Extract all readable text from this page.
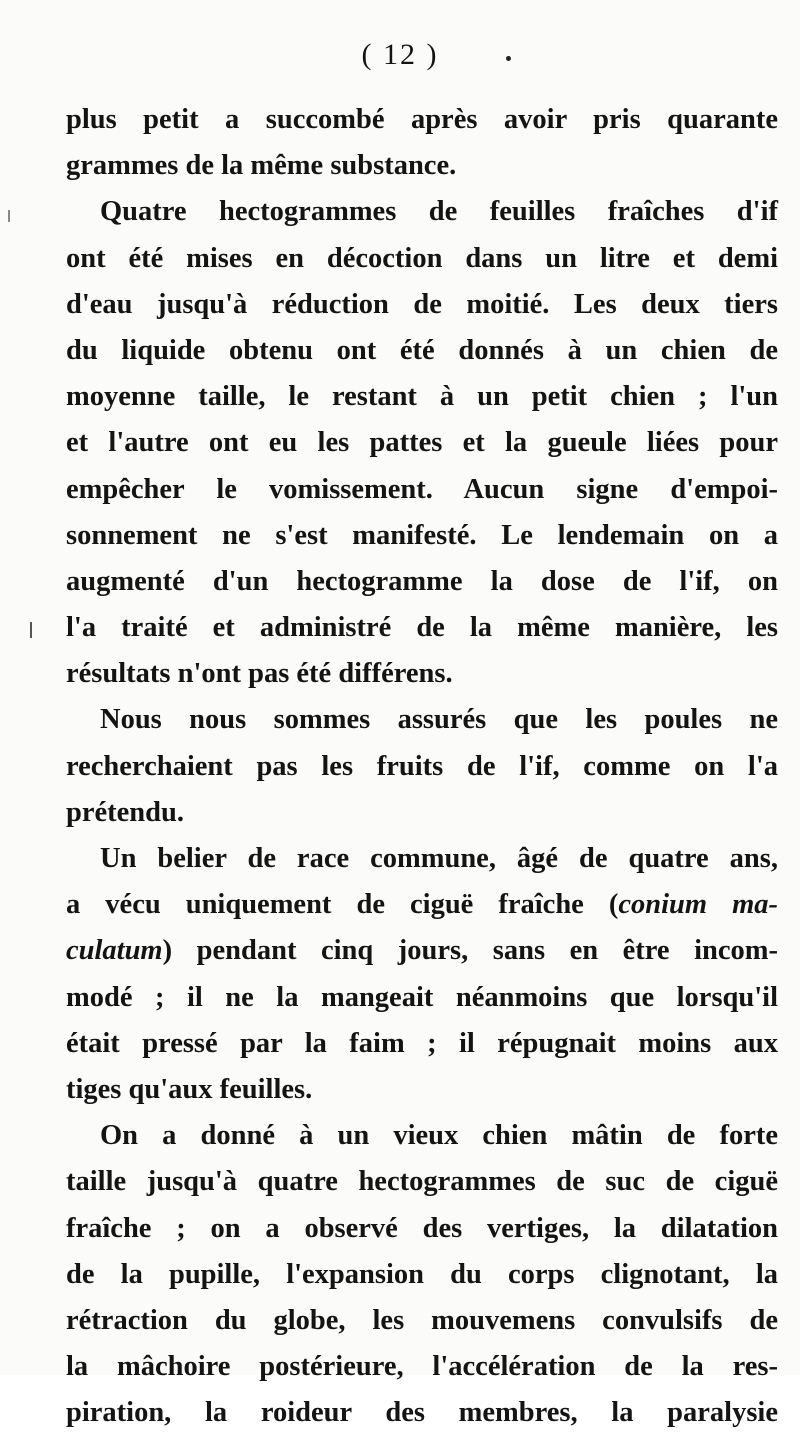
( 12 )
plus petit a succombé après avoir pris quarante
grammes de la même substance.
Quatre hectogrammes de feuilles fraîches d'if
ont été mises en décoction dans un litre et demi
d'eau jusqu'à réduction de moitié. Les deux tiers
du liquide obtenu ont été donnés à un chien de
moyenne taille, le restant à un petit chien ; l'un
et l'autre ont eu les pattes et la gueule liées pour
empêcher le vomissement. Aucun signe d'empoi-
sonnement ne s'est manifesté. Le lendemain on a
augmenté d'un hectogramme la dose de l'if, on
l'a traité et administré de la même manière, les
résultats n'ont pas été différens.
Nous nous sommes assurés que les poules ne
recherchaient pas les fruits de l'if, comme on l'a
prétendu.
Un belier de race commune, âgé de quatre ans,
a vécu uniquement de ciguë fraîche (conium ma-
culatum) pendant cinq jours, sans en être incom-
modé ; il ne la mangeait néanmoins que lorsqu'il
était pressé par la faim ; il répugnait moins aux
tiges qu'aux feuilles.
On a donné à un vieux chien mâtin de forte
taille jusqu'à quatre hectogrammes de suc de ciguë
fraîche ; on a observé des vertiges, la dilatation
de la pupille, l'expansion du corps clignotant, la
rétraction du globe, les mouvemens convulsifs de
la mâchoire postérieure, l'accélération de la res-
piration, la roideur des membres, la paralysie
